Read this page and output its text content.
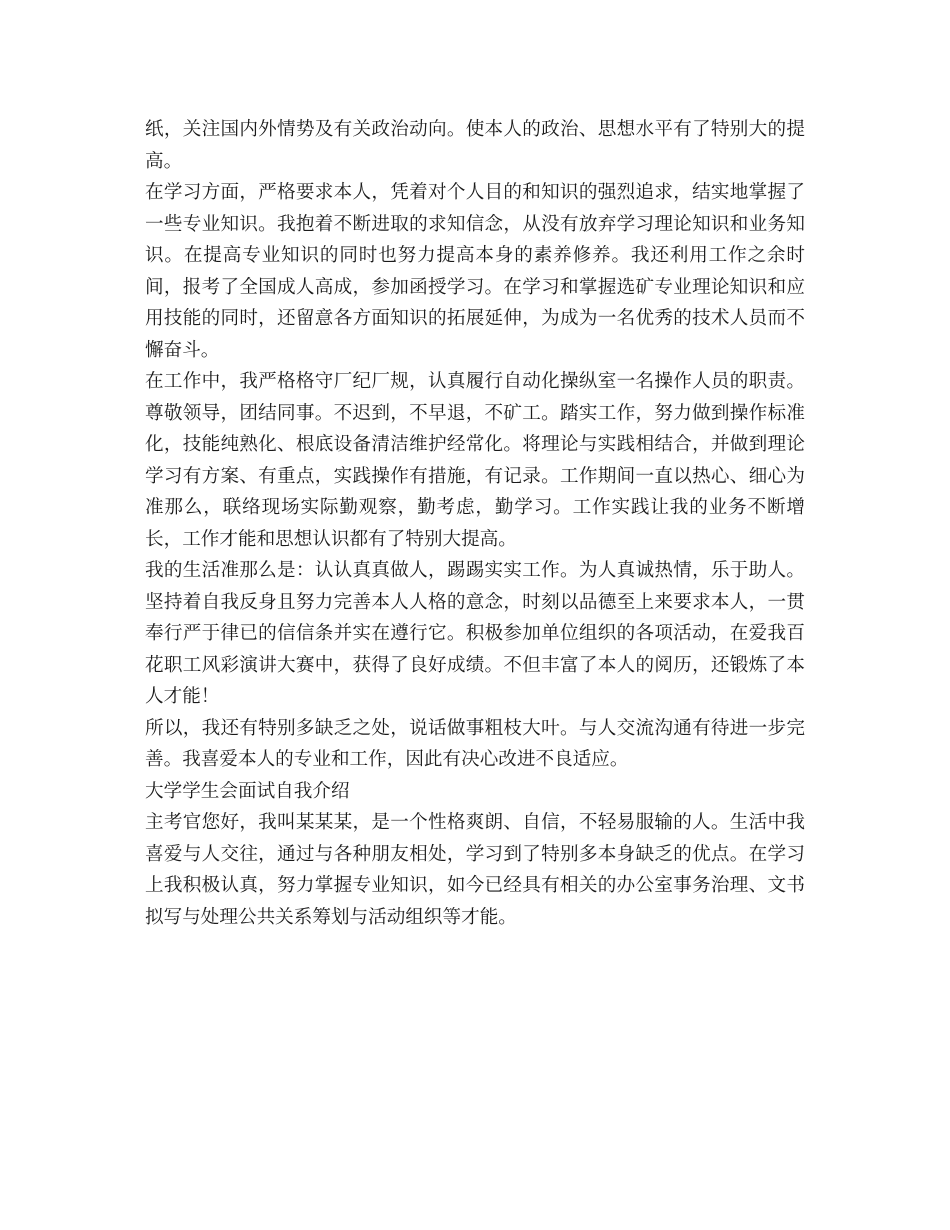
纸，关注国内外情势及有关政治动向。使本人的政治、思想水平有了特别大的提高。

在学习方面，严格要求本人，凭着对个人目的和知识的强烈追求，结实地掌握了一些专业知识。我抱着不断进取的求知信念，从没有放弃学习理论知识和业务知识。在提高专业知识的同时也努力提高本身的素养修养。我还利用工作之余时间，报考了全国成人高成，参加函授学习。在学习和掌握选矿专业理论知识和应用技能的同时，还留意各方面知识的拓展延伸，为成为一名优秀的技术人员而不懈奋斗。

在工作中，我严格格守厂纪厂规，认真履行自动化操纵室一名操作人员的职责。尊敬领导，团结同事。不迟到，不早退，不矿工。踏实工作，努力做到操作标准化，技能纯熟化、根底设备清洁维护经常化。将理论与实践相结合，并做到理论学习有方案、有重点，实践操作有措施，有记录。工作期间一直以热心、细心为准那么，联络现场实际勤观察，勤考虑，勤学习。工作实践让我的业务不断增长，工作才能和思想认识都有了特别大提高。

我的生活准那么是：认认真真做人，踢踢实实工作。为人真诚热情，乐于助人。坚持着自我反身且努力完善本人人格的意念，时刻以品德至上来要求本人，一贯奉行严于律已的信信条并实在遵行它。积极参加单位组织的各项活动，在爱我百花职工风彩演讲大赛中，获得了良好成绩。不但丰富了本人的阅历，还锻炼了本人才能！

所以，我还有特别多缺乏之处，说话做事粗枝大叶。与人交流沟通有待进一步完善。我喜爱本人的专业和工作，因此有决心改进不良适应。

大学学生会面试自我介绍

主考官您好，我叫某某某，是一个性格爽朗、自信，不轻易服输的人。生活中我喜爱与人交往，通过与各种朋友相处，学习到了特别多本身缺乏的优点。在学习上我积极认真，努力掌握专业知识，如今已经具有相关的办公室事务治理、文书拟写与处理公共关系筹划与活动组织等才能。
